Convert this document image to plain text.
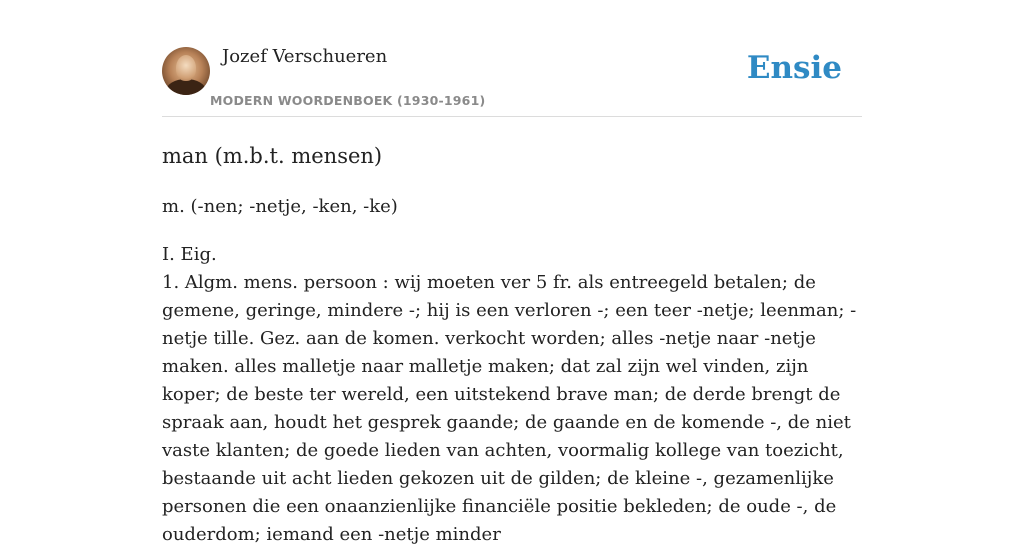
Jozef Verschueren
MODERN WOORDENBOEK (1930-1961)
Ensie
man (m.b.t. mensen)

m. (-nen; -netje, -ken, -ke)

I. Eig.

1. Algm. mens. persoon : wij moeten ver 5 fr. als entreegeld betalen; de gemene, geringe, mindere -; hij is een verloren -; een teer -netje; leenman; -netje tille. Gez. aan de komen. verkocht worden; alles -netje naar -netje maken. alles malletje naar malletje maken; dat zal zijn wel vinden, zijn koper; de beste ter wereld, een uitstekend brave man; de derde brengt de spraak aan, houdt het gesprek gaande; de gaande en de komende -, de niet vaste klanten; de goede lieden van achten, voormalig kollege van toezicht, bestaande uit acht lieden gekozen uit de gilden; de kleine -, gezamenlijke personen die een onaanzienlijke financiële positie bekleden; de oude -, de ouderdom; iemand een -netje minder
